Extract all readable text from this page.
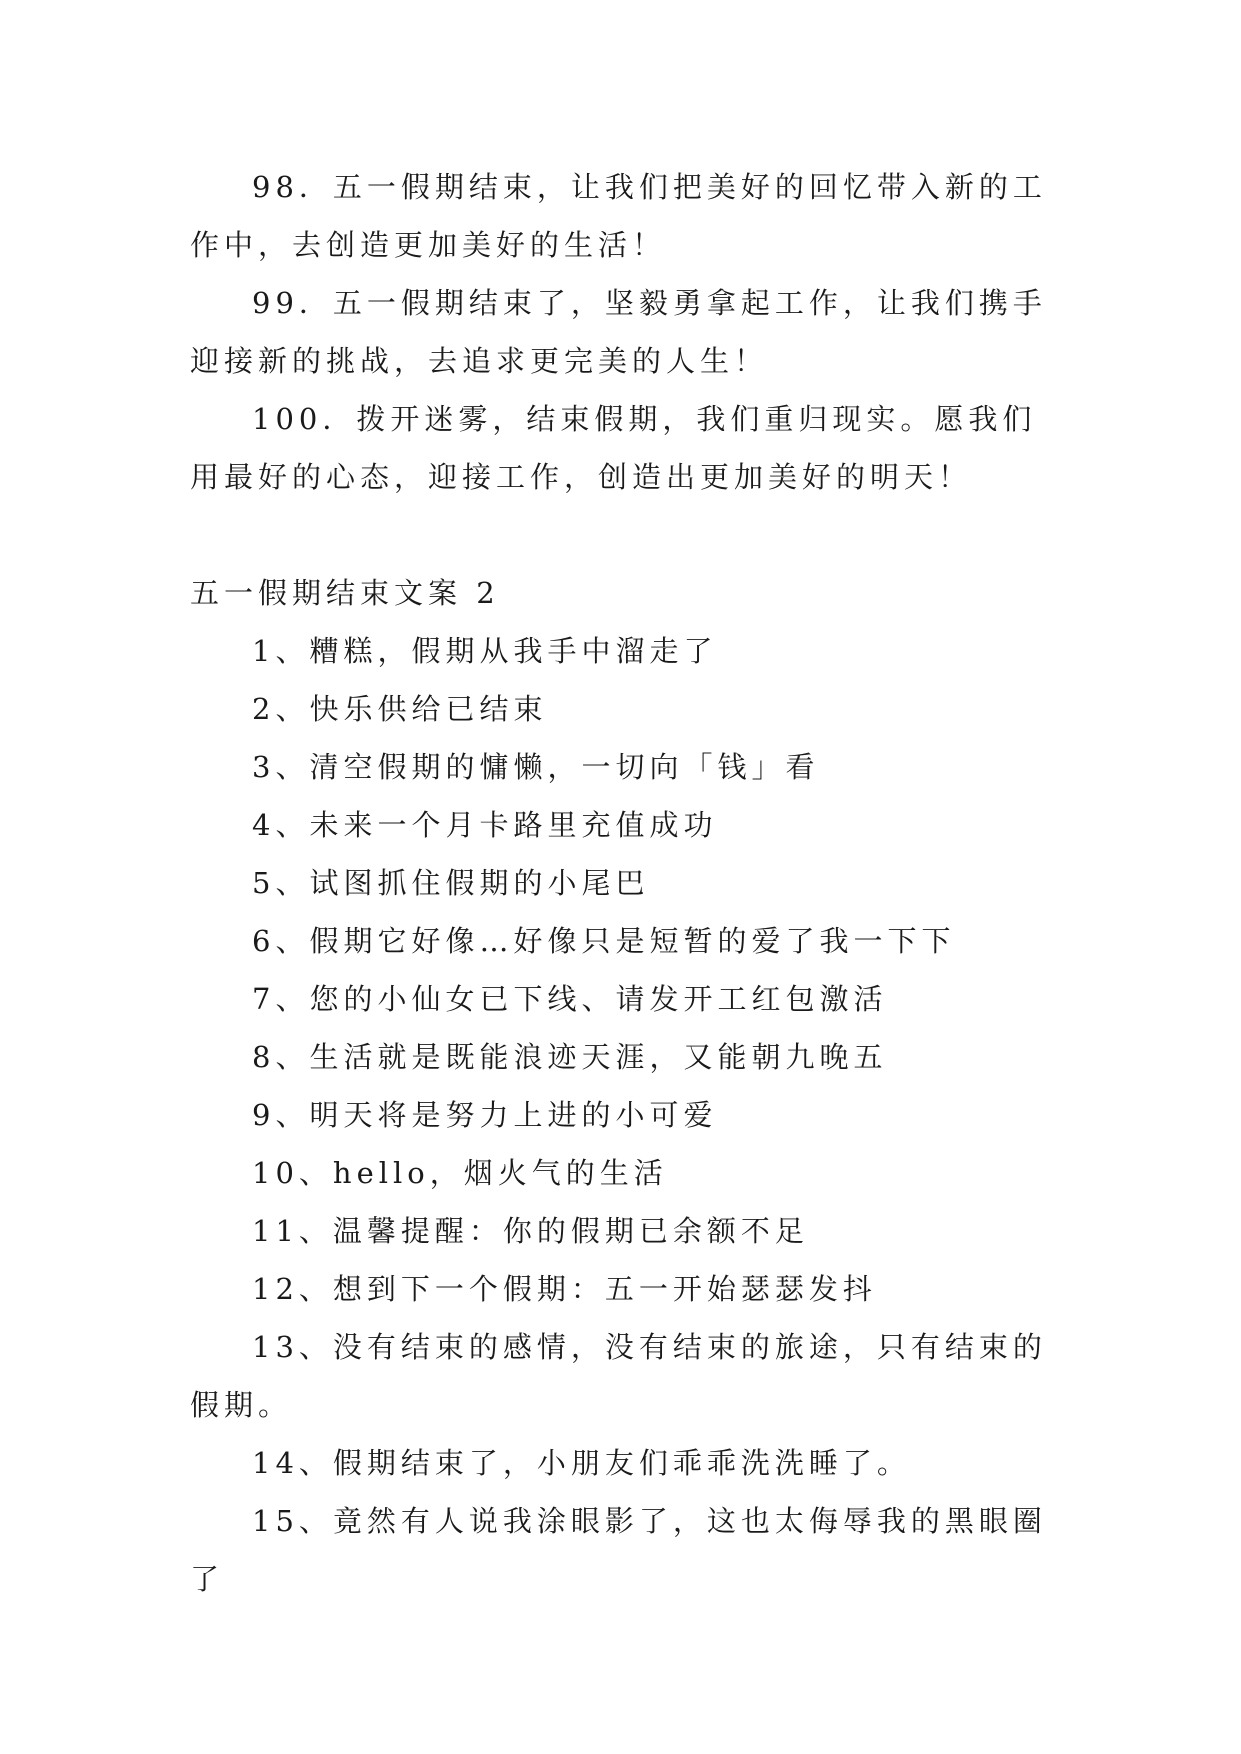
98．五一假期结束，让我们把美好的回忆带入新的工作中，去创造更加美好的生活！

99．五一假期结束了，坚毅勇拿起工作，让我们携手迎接新的挑战，去追求更完美的人生！

100．拨开迷雾，结束假期，我们重归现实。愿我们用最好的心态，迎接工作，创造出更加美好的明天！

五一假期结束文案 2

1、糟糕，假期从我手中溜走了

2、快乐供给已结束

3、清空假期的慵懒，一切向「钱」看

4、未来一个月卡路里充值成功

5、试图抓住假期的小尾巴

6、假期它好像…好像只是短暂的爱了我一下下

7、您的小仙女已下线、请发开工红包激活

8、生活就是既能浪迹天涯，又能朝九晚五

9、明天将是努力上进的小可爱

10、hello，烟火气的生活

11、温馨提醒：你的假期已余额不足

12、想到下一个假期：五一开始瑟瑟发抖

13、没有结束的感情，没有结束的旅途，只有结束的假期。

14、假期结束了，小朋友们乖乖洗洗睡了。

15、竟然有人说我涂眼影了，这也太侮辱我的黑眼圈了
